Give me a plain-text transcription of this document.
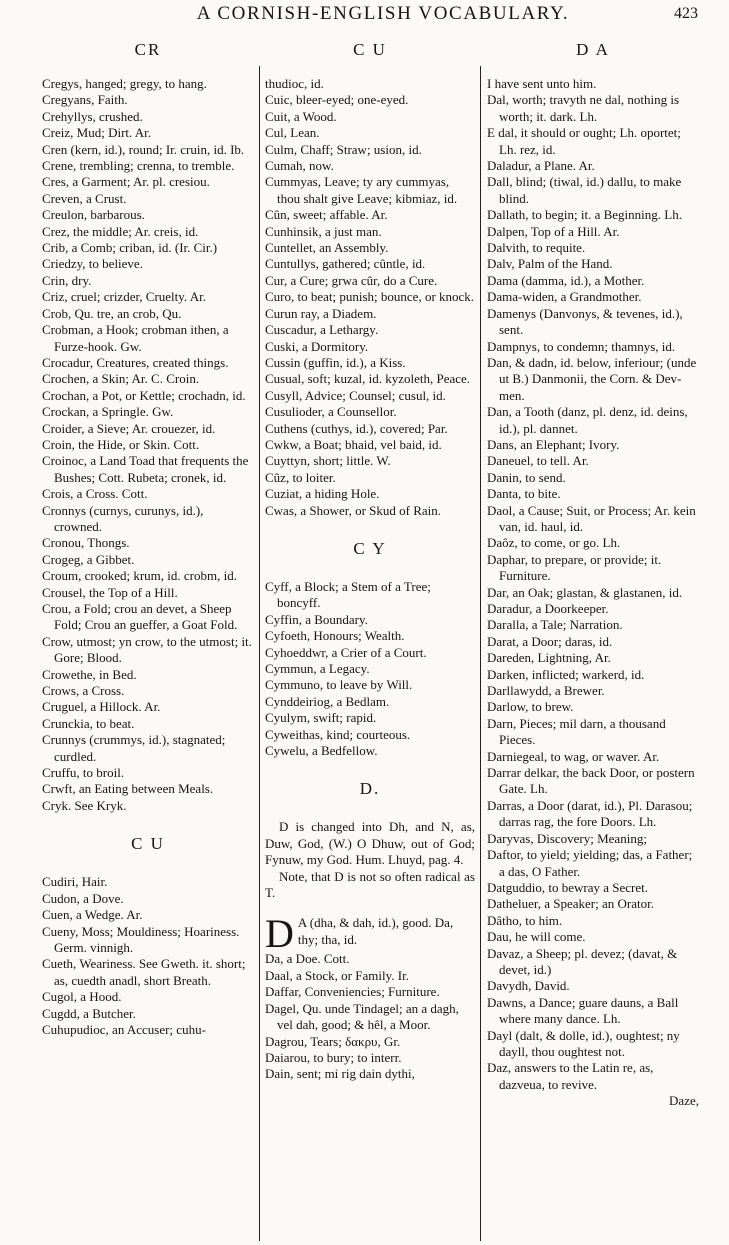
A CORNISH-ENGLISH VOCABULARY.	423
CR

Cregys, hanged; gregy, to hang.

Cregyans, Faith.

Crehyllys, crushed.

Creiz, Mud; Dirt. Ar.

Cren (kern, id.), round; Ir. cruin, id. Ib.

Crene, trembling; crenna, to tremble.

Cres, a Garment; Ar. pl. cresiou.

Creven, a Crust.

Creulon, barbarous.

Crez, the middle; Ar. creis, id.

Crib, a Comb; criban, id. (Ir. Cir.)

Criedzy, to believe.

Crin, dry.

Criz, cruel; crizder, Cruelty. Ar.

Crob, Qu. tre, an crob, Qu.

Crobman, a Hook; crobman ithen, a Furze-hook. Gw.

Crocadur, Creatures, created things.

Crochen, a Skin; Ar. C. Croin.

Crochan, a Pot, or Kettle; crochadn, id.

Crockan, a Springle. Gw.

Croider, a Sieve; Ar. crouezer, id.

Croin, the Hide, or Skin. Cott.

Croinoc, a Land Toad that frequents the Bushes; Cott. Rubeta; cronek, id.

Crois, a Cross. Cott.

Cronnys (curnys, curunys, id.), crowned.

Cronou, Thongs.

Crogeg, a Gibbet.

Croum, crooked; krum, id. crobm, id.

Crousel, the Top of a Hill.

Crou, a Fold; crou an devet, a Sheep Fold; Crou an gueffer, a Goat Fold.

Crow, utmost; yn crow, to the utmost; it. Gore; Blood.

Crowethe, in Bed.

Crows, a Cross.

Cruguel, a Hillock. Ar.

Crunckia, to beat.

Crunnys (crummys, id.), stagnated; curdled.

Cruffu, to broil.

Crwft, an Eating between Meals.

Cryk. See Kryk.

C U

Cudiri, Hair.

Cudon, a Dove.

Cuen, a Wedge. Ar.

Cueny, Moss; Mouldiness; Hoariness. Germ. vinnigh.

Cueth, Weariness. See Gweth. it. short; as, cuedth anadl, short Breath.

Cugol, a Hood.

Cugdd, a Butcher.

Cuhupudioc, an Accuser; cuhu-

C U

thudioc, id.

Cuic, bleer-eyed; one-eyed.

Cuit, a Wood.

Cul, Lean.

Culm, Chaff; Straw; usion, id.

Cumah, now.

Cummyas, Leave; ty ary cummyas, thou shalt give Leave; kibmiaz, id.

Cûn, sweet; affable. Ar.

Cunhinsik, a just man.

Cuntellet, an Assembly.

Cuntullys, gathered; cûntle, id.

Cur, a Cure; grwa cûr, do a Cure.

Curo, to beat; punish; bounce, or knock.

Curun ray, a Diadem.

Cuscadur, a Lethargy.

Cuski, a Dormitory.

Cussin (guffin, id.), a Kiss.

Cusual, soft; kuzal, id. kyzoleth, Peace.

Cusyll, Advice; Counsel; cusul, id.

Cusulioder, a Counsellor.

Cuthens (cuthys, id.), covered; Par.

Cwkw, a Boat; bhaid, vel baid, id.

Cuyttyn, short; little. W.

Cûz, to loiter.

Cuziat, a hiding Hole.

Cwas, a Shower, or Skud of Rain.

C Y

Cyff, a Block; a Stem of a Tree; boncyff.

Cyffin, a Boundary.

Cyfoeth, Honours; Wealth.

Cyhoeddwr, a Crier of a Court.

Cymmun, a Legacy.

Cymmuno, to leave by Will.

Cynddeiriog, a Bedlam.

Cyulym, swift; rapid.

Cyweithas, kind; courteous.

Cywelu, a Bedfellow.

D.

D is changed into Dh, and N, as, Duw, God, (W.) O Dhuw, out of God; Fynuw, my God. Hum. Lhuyd, pag. 4.

Note, that D is not so often radical as T.

D A (dha, & dah, id.), good. Da, thy; tha, id.

Da, a Doe. Cott.

Daal, a Stock, or Family. Ir.

Daffar, Conveniencies; Furniture.

Dagel, Qu. unde Tindagel; an a dagh, vel dah, good; & hêl, a Moor.

Dagrou, Tears; δακρυ, Gr.

Daiarou, to bury; to interr.

Dain, sent; mi rig dain dythi,

D A

I have sent unto him.

Dal, worth; travyth ne dal, nothing is worth; it. dark. Lh.

E dal, it should or ought; Lh. oportet; Lh. rez, id.

Daladur, a Plane. Ar.

Dall, blind; (tiwal, id.) dallu, to make blind.

Dallath, to begin; it. a Beginning. Lh.

Dalpen, Top of a Hill. Ar.

Dalvith, to requite.

Dalv, Palm of the Hand.

Dama (damma, id.), a Mother.

Dama-widen, a Grandmother.

Damenys (Danvonys, & tevenes, id.), sent.

Dampnys, to condemn; thamnys, id.

Dan, & dadn, id. below, inferiour; (unde ut B.) Danmonii, the Corn. & Dev-men.

Dan, a Tooth (danz, pl. denz, id. deins, id.), pl. dannet.

Dans, an Elephant; Ivory.

Daneuel, to tell. Ar.

Danin, to send.

Danta, to bite.

Daol, a Cause; Suit, or Process; Ar. kein van, id. haul, id.

Daôz, to come, or go. Lh.

Daphar, to prepare, or provide; it. Furniture.

Dar, an Oak; glastan, & glastanen, id.

Daradur, a Doorkeeper.

Daralla, a Tale; Narration.

Darat, a Door; daras, id.

Dareden, Lightning, Ar.

Darken, inflicted; warkerd, id.

Darllawydd, a Brewer.

Darlow, to brew.

Darn, Pieces; mil darn, a thousand Pieces.

Darniegeal, to wag, or waver. Ar.

Darrar delkar, the back Door, or postern Gate. Lh.

Darras, a Door (darat, id.), Pl. Darasou; darras rag, the fore Doors. Lh.

Daryvas, Discovery; Meaning;

Daftor, to yield; yielding; das, a Father; a das, O Father.

Datguddio, to bewray a Secret.

Datheluer, a Speaker; an Orator.

Dâtho, to him.

Dau, he will come.

Davaz, a Sheep; pl. devez; (davat, & devet, id.)

Davydh, David.

Dawns, a Dance; guare dauns, a Ball where many dance. Lh.

Dayl (dalt, & dolle, id.), oughtest; ny dayll, thou oughtest not.

Daz, answers to the Latin re, as, dazveua, to revive.

Daze,
